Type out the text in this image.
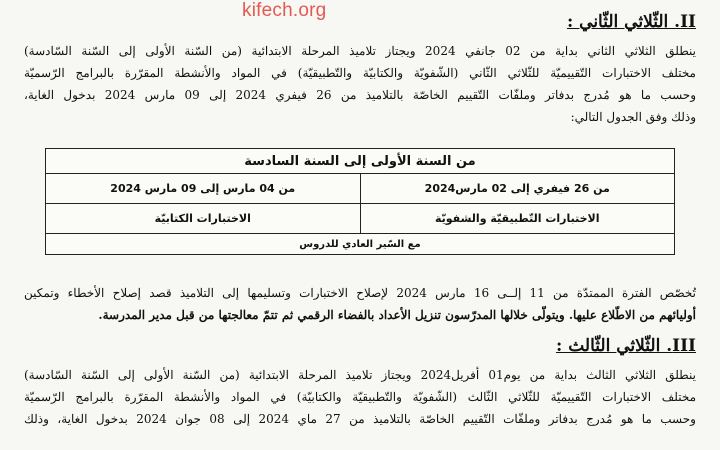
kifech.org
II. الثّلاثي الثّاني :
ينطلق الثلاثي الثاني بداية من 02 جانفي 2024 ويجتاز تلاميذ المرحلة الابتدائية (من السّنة الأولى إلى السّنة السّادسة)
مختلف الاختبارات التّقييميّة للثّلاثي الثّاني (الشّفويّة والكتابيّة والتّطبيقيّة) في المواد والأنشطة المقرّرة بالبرامج الرّسميّة
وحسب ما هو مُدرج بدفاتر وملفّات التّقييم الخاصّة بالتلاميذ من 26 فيفري 2024 إلى 09 مارس 2024 بدخول الغاية،
وذلك وفق الجدول التالي:
من السنة الأولى إلى السنة السادسة	
من 26 فيفري إلى 02 مارس2024	من 04 مارس إلى 09 مارس 2024
الاختبارات التّطبيقيّة والشفويّة	الاختبارات الكتابيّة
مع السّير العادي للدروس	
تُخصّص الفترة الممتدّة من 11 إلــى 16 مارس 2024 لإصلاح الاختبارات وتسليمها إلى التلاميذ قصد إصلاح الأخطاء وتمكين
أوليائهم من الاطّلاع عليها. ويتولّى خلالها المدرّسون تنزيل الأعداد بالفضاء الرقمي ثم تتمّ معالجتها من قبل مدير المدرسة.
III. الثّلاثي الثّالث :
ينطلق الثلاثي الثالث بداية من يوم01 أفريل2024 ويجتاز تلاميذ المرحلة الابتدائية (من السّنة الأولى إلى السّنة السّادسة)
مختلف الاختبارات التّقييميّة للثّلاثي الثّالث (الشّفويّة والتّطبيقيّة والكتابيّة) في المواد والأنشطة المقرّرة بالبرامج الرّسميّة
وحسب ما هو مُدرج بدفاتر وملفّات التّقييم الخاصّة بالتلاميذ من 27 ماي 2024 إلى 08 جوان 2024 بدخول الغاية، وذلك
